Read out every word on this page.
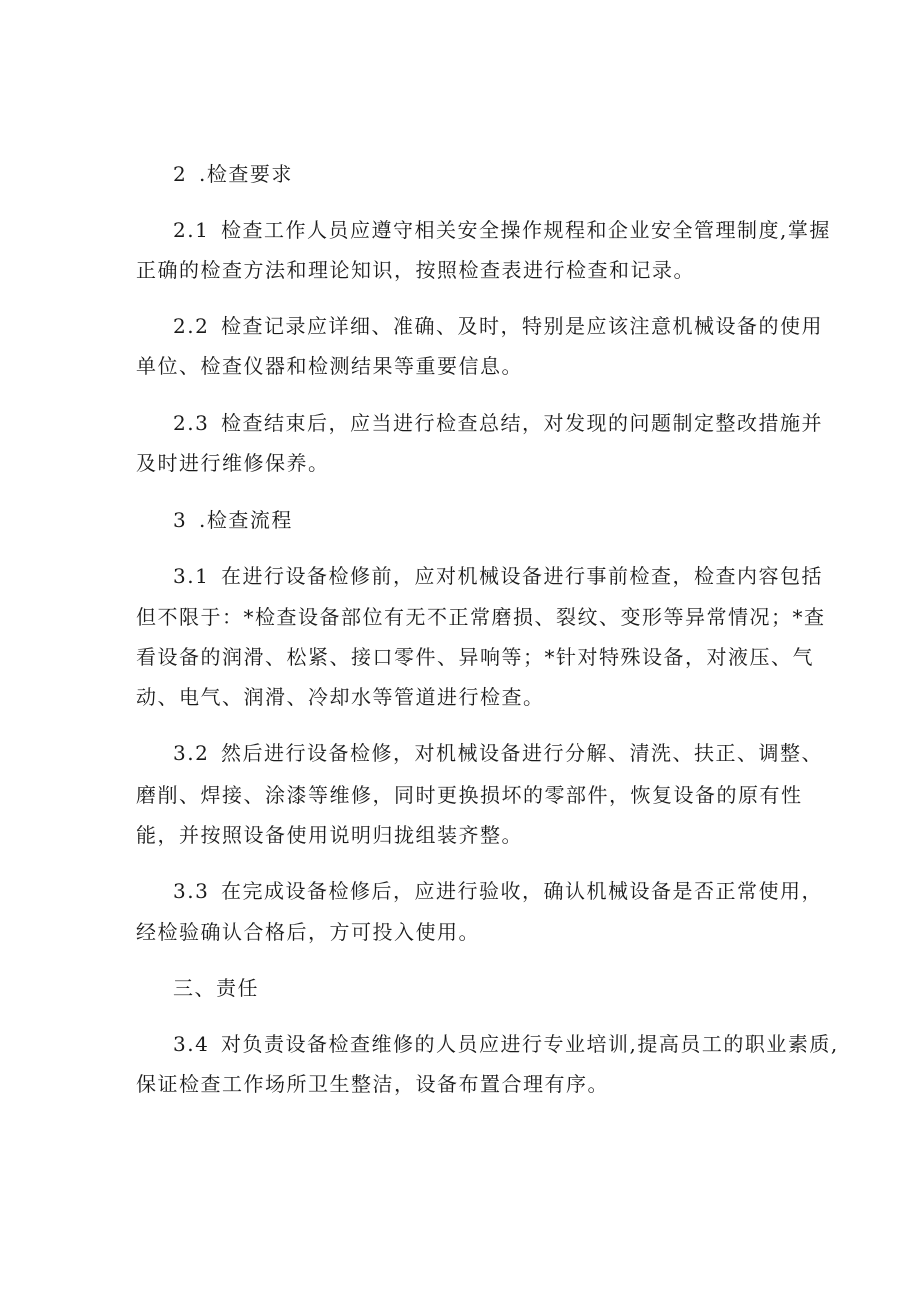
2 .检查要求
2.1 检查工作人员应遵守相关安全操作规程和企业安全管理制度,掌握
正确的检查方法和理论知识，按照检查表进行检查和记录。
2.2 检查记录应详细、准确、及时，特别是应该注意机械设备的使用
单位、检查仪器和检测结果等重要信息。
2.3 检查结束后，应当进行检查总结，对发现的问题制定整改措施并
及时进行维修保养。
3 .检查流程
3.1 在进行设备检修前，应对机械设备进行事前检查，检查内容包括
但不限于：*检查设备部位有无不正常磨损、裂纹、变形等异常情况；*查
看设备的润滑、松紧、接口零件、异响等；*针对特殊设备，对液压、气
动、电气、润滑、冷却水等管道进行检查。
3.2 然后进行设备检修，对机械设备进行分解、清洗、扶正、调整、
磨削、焊接、涂漆等维修，同时更换损坏的零部件，恢复设备的原有性
能，并按照设备使用说明归拢组装齐整。
3.3 在完成设备检修后，应进行验收，确认机械设备是否正常使用，
经检验确认合格后，方可投入使用。
三、责任
3.4 对负责设备检查维修的人员应进行专业培训,提高员工的职业素质,
保证检查工作场所卫生整洁，设备布置合理有序。
